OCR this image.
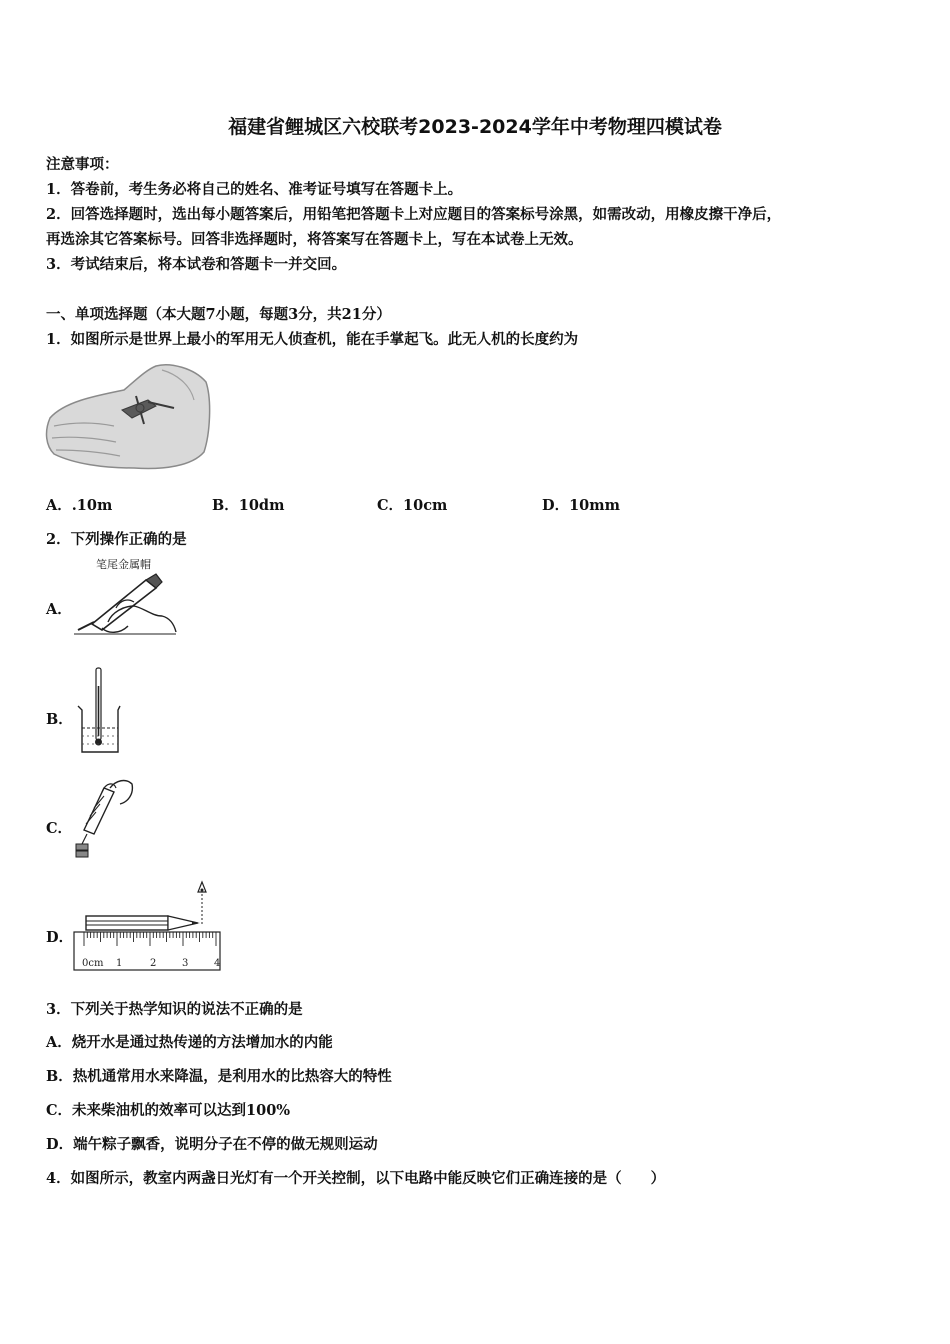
福建省鲤城区六校联考2023-2024学年中考物理四模试卷
注意事项：
1．答卷前，考生务必将自己的姓名、准考证号填写在答题卡上。
2．回答选择题时，选出每小题答案后，用铅笔把答题卡上对应题目的答案标号涂黑，如需改动，用橡皮擦干净后，
再选涂其它答案标号。回答非选择题时，将答案写在答题卡上，写在本试卷上无效。
3．考试结束后，将本试卷和答题卡一并交回。
一、单项选择题（本大题7小题，每题3分，共21分）
1．如图所示是世界上最小的军用无人侦查机，能在手掌起飞。此无人机的长度约为
A．.10m	B．10dm	C．10cm	D．10mm
2．下列操作正确的是
A．
笔尾金属帽
B．
C．
D．
0cm 1	2	3	4
3．下列关于热学知识的说法不正确的是
A．烧开水是通过热传递的方法增加水的内能
B．热机通常用水来降温，是利用水的比热容大的特性
C．未来柴油机的效率可以达到100%
D．端午粽子飘香，说明分子在不停的做无规则运动
4．如图所示，教室内两盏日光灯有一个开关控制，以下电路中能反映它们正确连接的是（　　）
